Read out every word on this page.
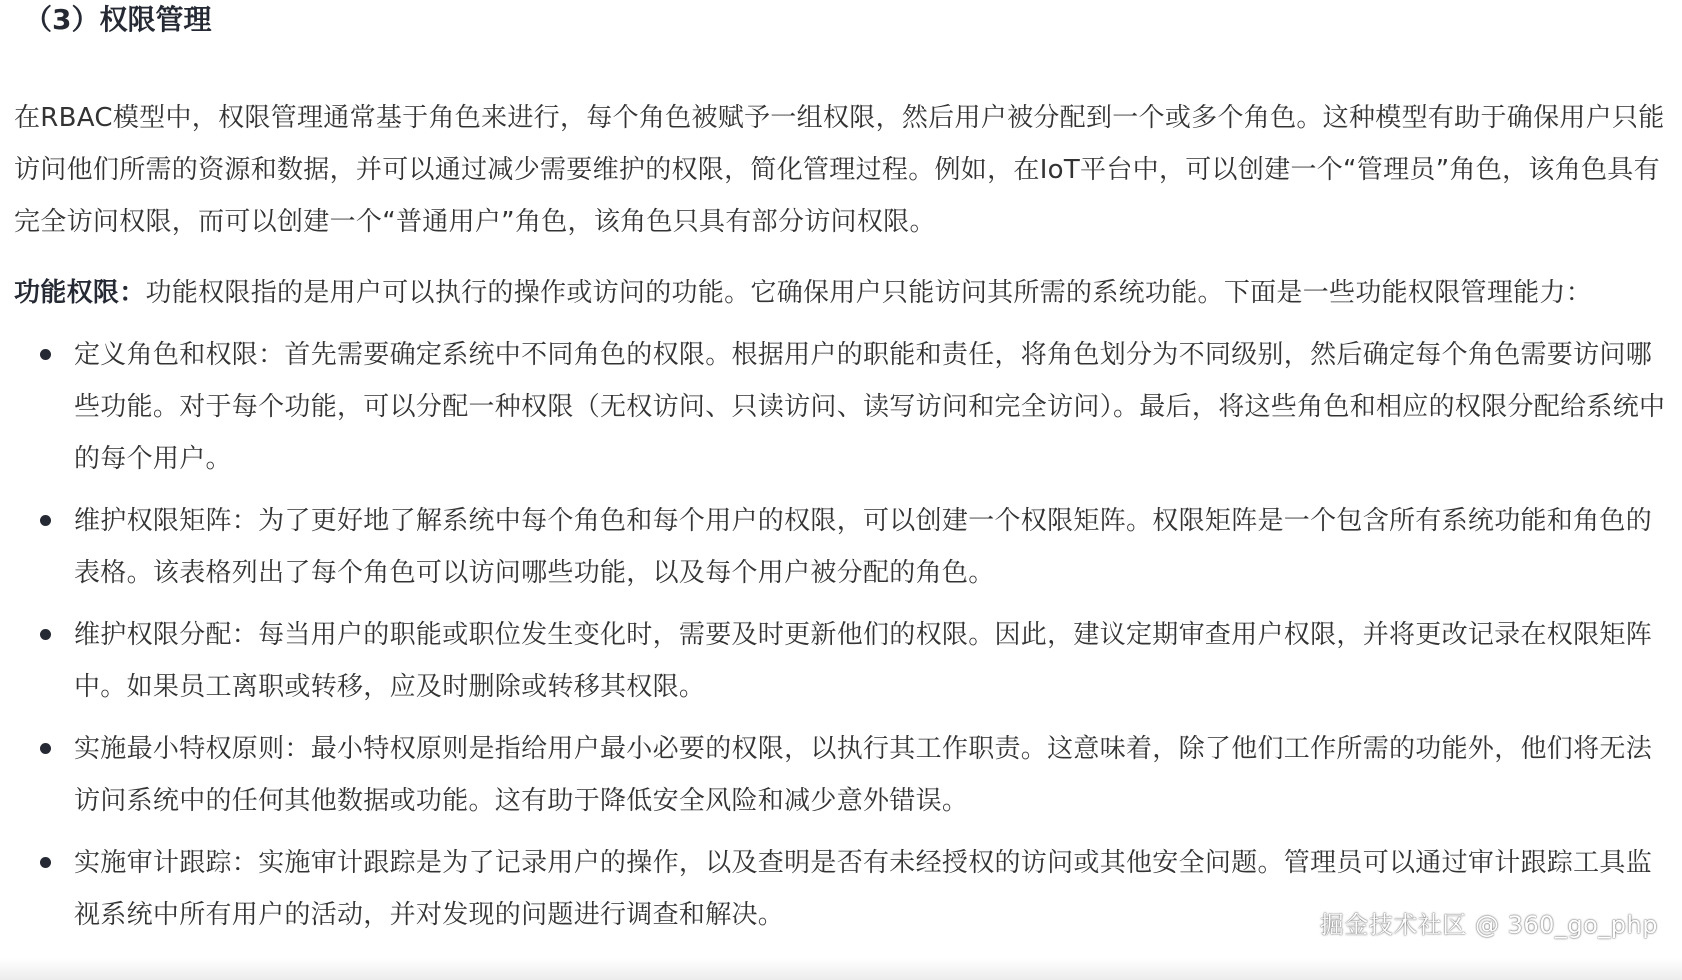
（3）权限管理

在RBAC模型中，权限管理通常基于角色来进行，每个角色被赋予一组权限，然后用户被分配到一个或多个角色。这种模型有助于确保用户只能访问他们所需的资源和数据，并可以通过减少需要维护的权限，简化管理过程。例如，在IoT平台中，可以创建一个“管理员”角色，该角色具有完全访问权限，而可以创建一个“普通用户”角色，该角色只具有部分访问权限。

功能权限：功能权限指的是用户可以执行的操作或访问的功能。它确保用户只能访问其所需的系统功能。下面是一些功能权限管理能力：

定义角色和权限：首先需要确定系统中不同角色的权限。根据用户的职能和责任，将角色划分为不同级别，然后确定每个角色需要访问哪些功能。对于每个功能，可以分配一种权限（无权访问、只读访问、读写访问和完全访问）。最后，将这些角色和相应的权限分配给系统中的每个用户。
维护权限矩阵：为了更好地了解系统中每个角色和每个用户的权限，可以创建一个权限矩阵。权限矩阵是一个包含所有系统功能和角色的表格。该表格列出了每个角色可以访问哪些功能，以及每个用户被分配的角色。
维护权限分配：每当用户的职能或职位发生变化时，需要及时更新他们的权限。因此，建议定期审查用户权限，并将更改记录在权限矩阵中。如果员工离职或转移，应及时删除或转移其权限。
实施最小特权原则：最小特权原则是指给用户最小必要的权限，以执行其工作职责。这意味着，除了他们工作所需的功能外，他们将无法访问系统中的任何其他数据或功能。这有助于降低安全风险和减少意外错误。
实施审计跟踪：实施审计跟踪是为了记录用户的操作，以及查明是否有未经授权的访问或其他安全问题。管理员可以通过审计跟踪工具监视系统中所有用户的活动，并对发现的问题进行调查和解决。	掘金技术社区 @ 360_go_php
